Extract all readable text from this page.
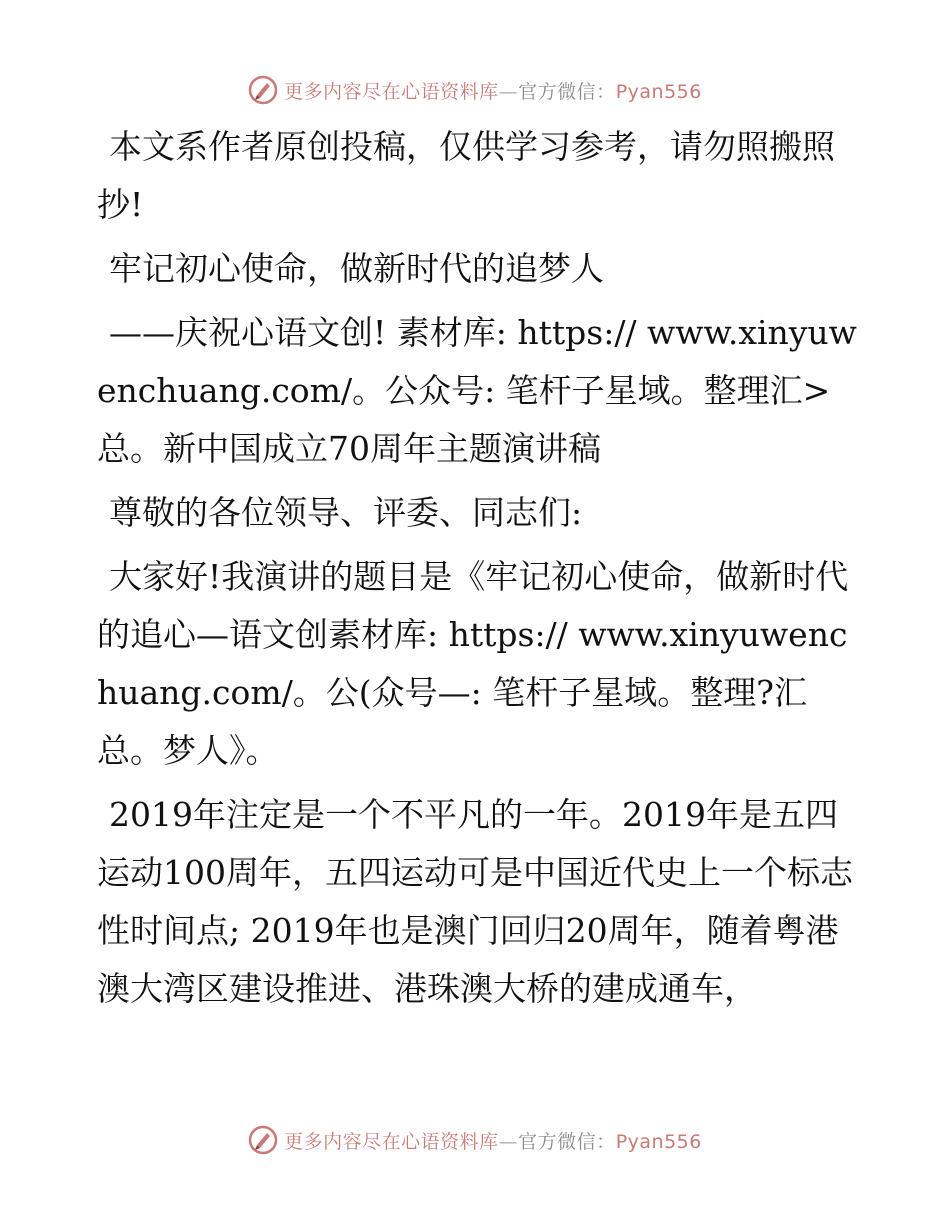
更多内容尽在心语资料库—官方微信：Pyan556

本文系作者原创投稿，仅供学习参考，请勿照搬照抄!

牢记初心使命，做新时代的追梦人

——庆祝心语文创! 素材库: https:// www.xinyuwenchuang.com/。公众号: 笔杆子星域。整理汇>总。新中国成立70周年主题演讲稿

尊敬的各位领导、评委、同志们:

大家好!我演讲的题目是《牢记初心使命，做新时代的追心—语文创素材库: https:// www.xinyuwenchuang.com/。公(众号—: 笔杆子星域。整理?汇总。梦人》。

2019年注定是一个不平凡的一年。2019年是五四运动100周年，五四运动可是中国近代史上一个标志性时间点; 2019年也是澳门回归20周年，随着粤港澳大湾区建设推进、港珠澳大桥的建成通车，

更多内容尽在心语资料库—官方微信：Pyan556
